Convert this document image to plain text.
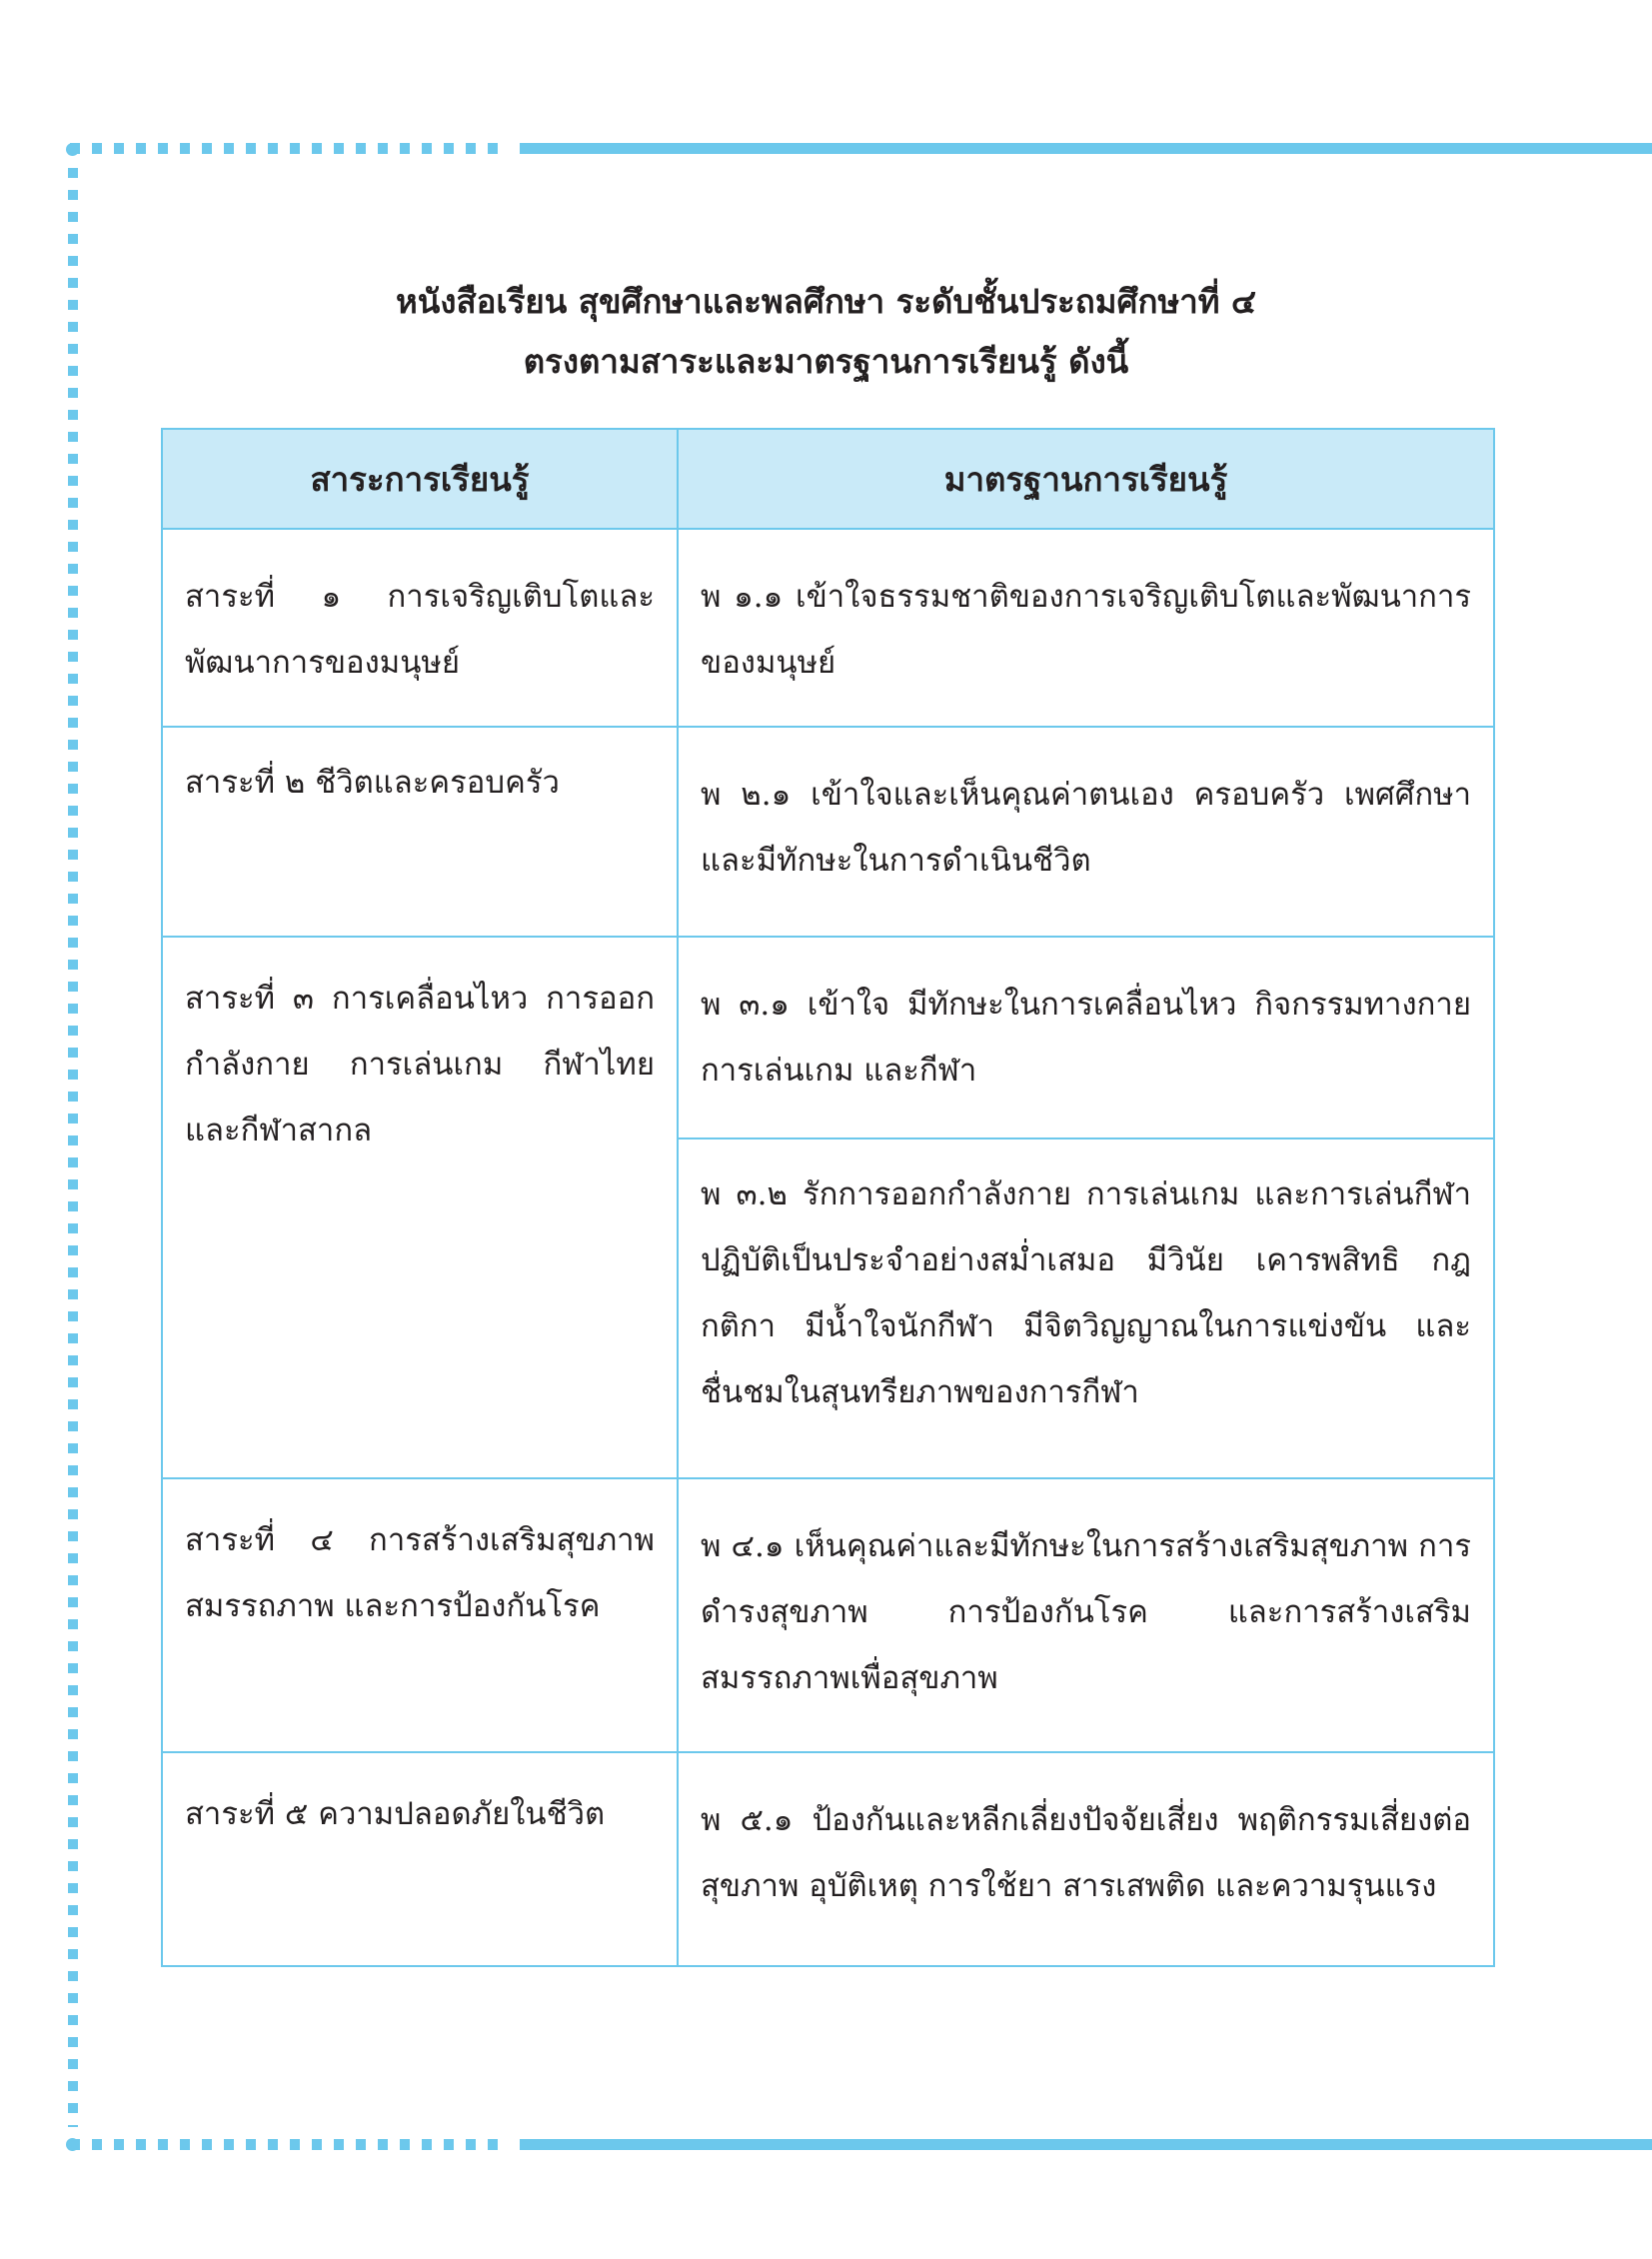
หนังสือเรียน สุขศึกษาและพลศึกษา ระดับชั้นประถมศึกษาที่ ๔
ตรงตามสาระและมาตรฐานการเรียนรู้ ดังนี้
สาระการเรียนรู้	มาตรฐานการเรียนรู้
สาระที่ ๑ การเจริญเติบโตและพัฒนาการของมนุษย์	พ ๑.๑ เข้าใจธรรมชาติของการเจริญเติบโตและพัฒนาการของมนุษย์
สาระที่ ๒ ชีวิตและครอบครัว	พ ๒.๑ เข้าใจและเห็นคุณค่าตนเอง ครอบครัว เพศศึกษา และมีทักษะในการดำเนินชีวิต
สาระที่ ๓ การเคลื่อนไหว การออกกำลังกาย การเล่นเกม กีฬาไทย และกีฬาสากล	พ ๓.๑ เข้าใจ มีทักษะในการเคลื่อนไหว กิจกรรมทางกาย การเล่นเกม และกีฬา
	พ ๓.๒ รักการออกกำลังกาย การเล่นเกม และการเล่นกีฬา ปฏิบัติเป็นประจำอย่างสม่ำเสมอ มีวินัย เคารพสิทธิ กฎ กติกา มีน้ำใจนักกีฬา มีจิตวิญญาณในการแข่งขัน และชื่นชมในสุนทรียภาพของการกีฬา
สาระที่ ๔ การสร้างเสริมสุขภาพ สมรรถภาพ และการป้องกันโรค	พ ๔.๑ เห็นคุณค่าและมีทักษะในการสร้างเสริมสุขภาพ การดำรงสุขภาพ การป้องกันโรค และการสร้างเสริมสมรรถภาพเพื่อสุขภาพ
สาระที่ ๕ ความปลอดภัยในชีวิต	พ ๕.๑ ป้องกันและหลีกเลี่ยงปัจจัยเสี่ยง พฤติกรรมเสี่ยงต่อสุขภาพ อุบัติเหตุ การใช้ยา สารเสพติด และความรุนแรง
